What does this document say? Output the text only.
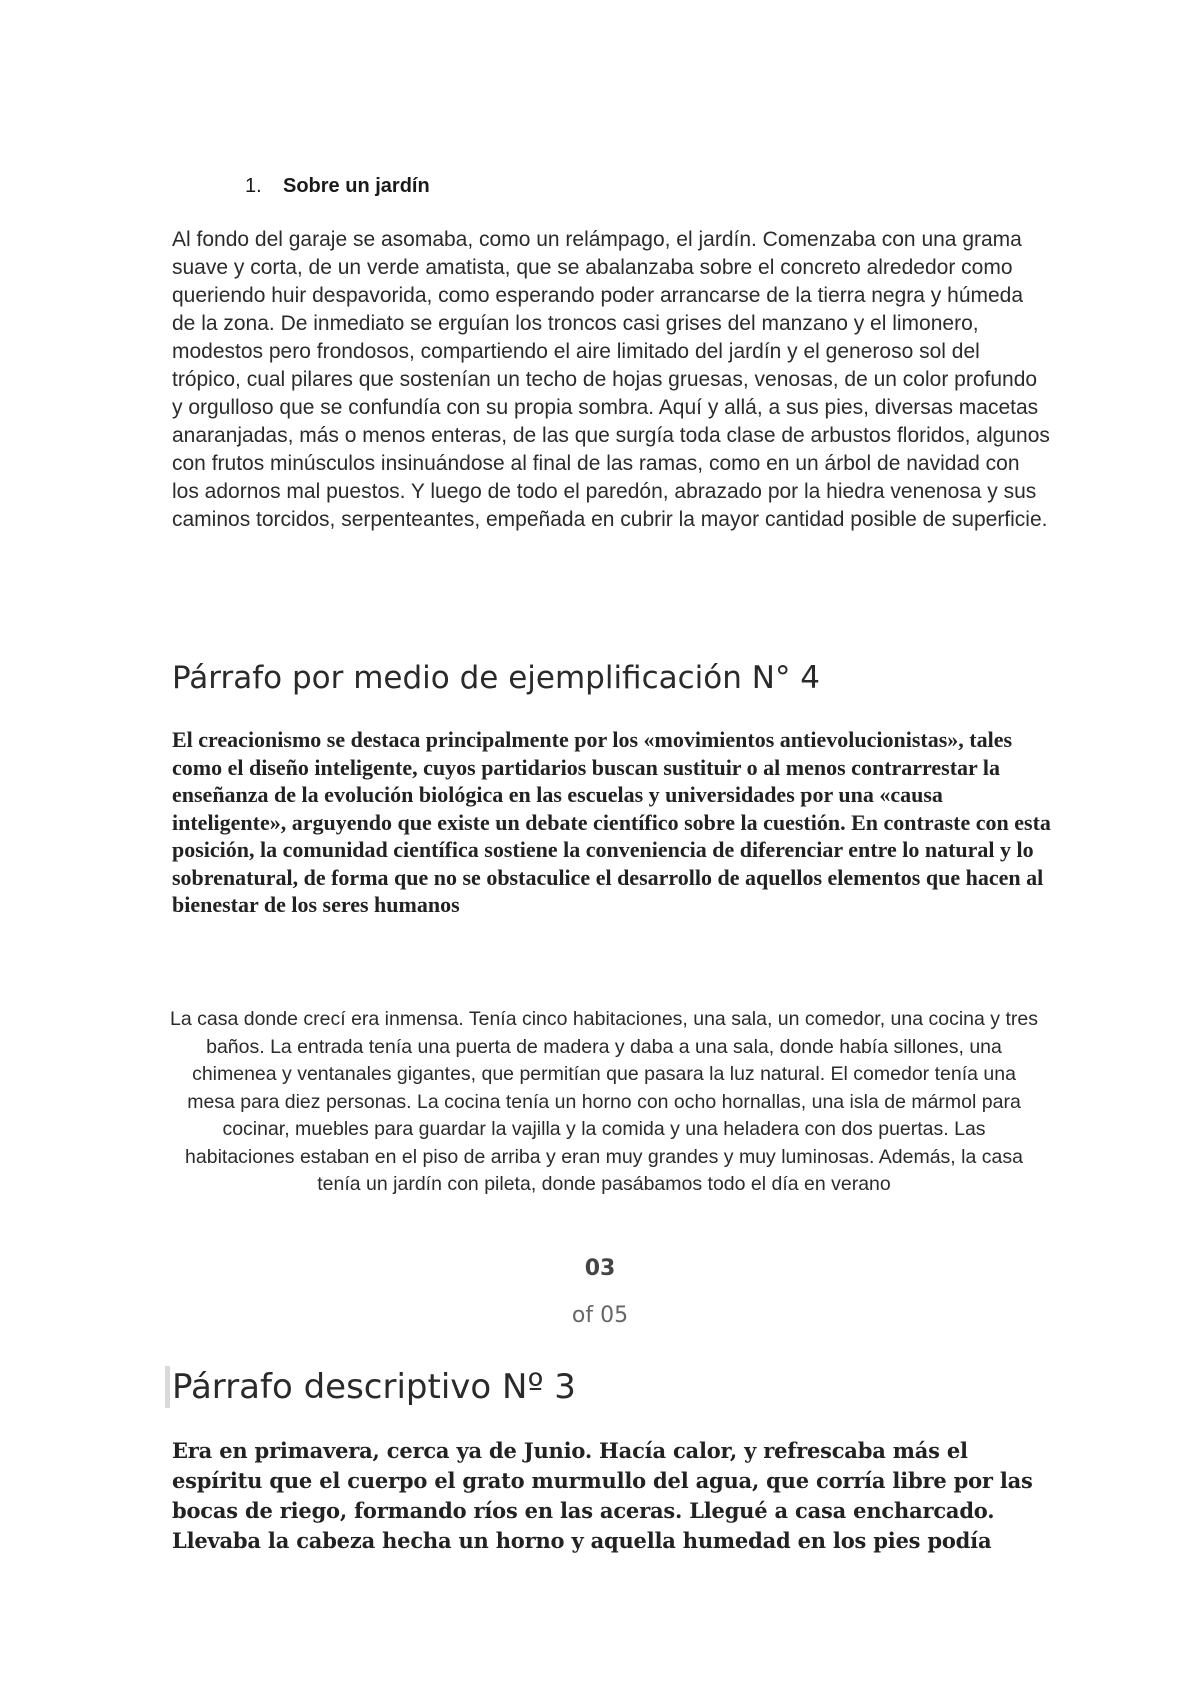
1. Sobre un jardín

Al fondo del garaje se asomaba, como un relámpago, el jardín. Comenzaba con una grama suave y corta, de un verde amatista, que se abalanzaba sobre el concreto alrededor como queriendo huir despavorida, como esperando poder arrancarse de la tierra negra y húmeda de la zona. De inmediato se erguían los troncos casi grises del manzano y el limonero, modestos pero frondosos, compartiendo el aire limitado del jardín y el generoso sol del trópico, cual pilares que sostenían un techo de hojas gruesas, venosas, de un color profundo y orgulloso que se confundía con su propia sombra. Aquí y allá, a sus pies, diversas macetas anaranjadas, más o menos enteras, de las que surgía toda clase de arbustos floridos, algunos con frutos minúsculos insinuándose al final de las ramas, como en un árbol de navidad con los adornos mal puestos. Y luego de todo el paredón, abrazado por la hiedra venenosa y sus caminos torcidos, serpenteantes, empeñada en cubrir la mayor cantidad posible de superficie.

Párrafo por medio de ejemplificación N° 4

El creacionismo se destaca principalmente por los «movimientos antievolucionistas», tales como el diseño inteligente, cuyos partidarios buscan sustituir o al menos contrarrestar la enseñanza de la evolución biológica en las escuelas y universidades por una «causa inteligente», arguyendo que existe un debate científico sobre la cuestión. En contraste con esta posición, la comunidad científica sostiene la conveniencia de diferenciar entre lo natural y lo sobrenatural, de forma que no se obstaculice el desarrollo de aquellos elementos que hacen al bienestar de los seres humanos

La casa donde crecí era inmensa. Tenía cinco habitaciones, una sala, un comedor, una cocina y tres baños. La entrada tenía una puerta de madera y daba a una sala, donde había sillones, una chimenea y ventanales gigantes, que permitían que pasara la luz natural. El comedor tenía una mesa para diez personas. La cocina tenía un horno con ocho hornallas, una isla de mármol para cocinar, muebles para guardar la vajilla y la comida y una heladera con dos puertas. Las habitaciones estaban en el piso de arriba y eran muy grandes y muy luminosas. Además, la casa tenía un jardín con pileta, donde pasábamos todo el día en verano

03
of 05
Párrafo descriptivo Nº 3

Era en primavera, cerca ya de Junio. Hacía calor, y refrescaba más el espíritu que el cuerpo el grato murmullo del agua, que corría libre por las bocas de riego, formando ríos en las aceras. Llegué a casa encharcado. Llevaba la cabeza hecha un horno y aquella humedad en los pies podía
